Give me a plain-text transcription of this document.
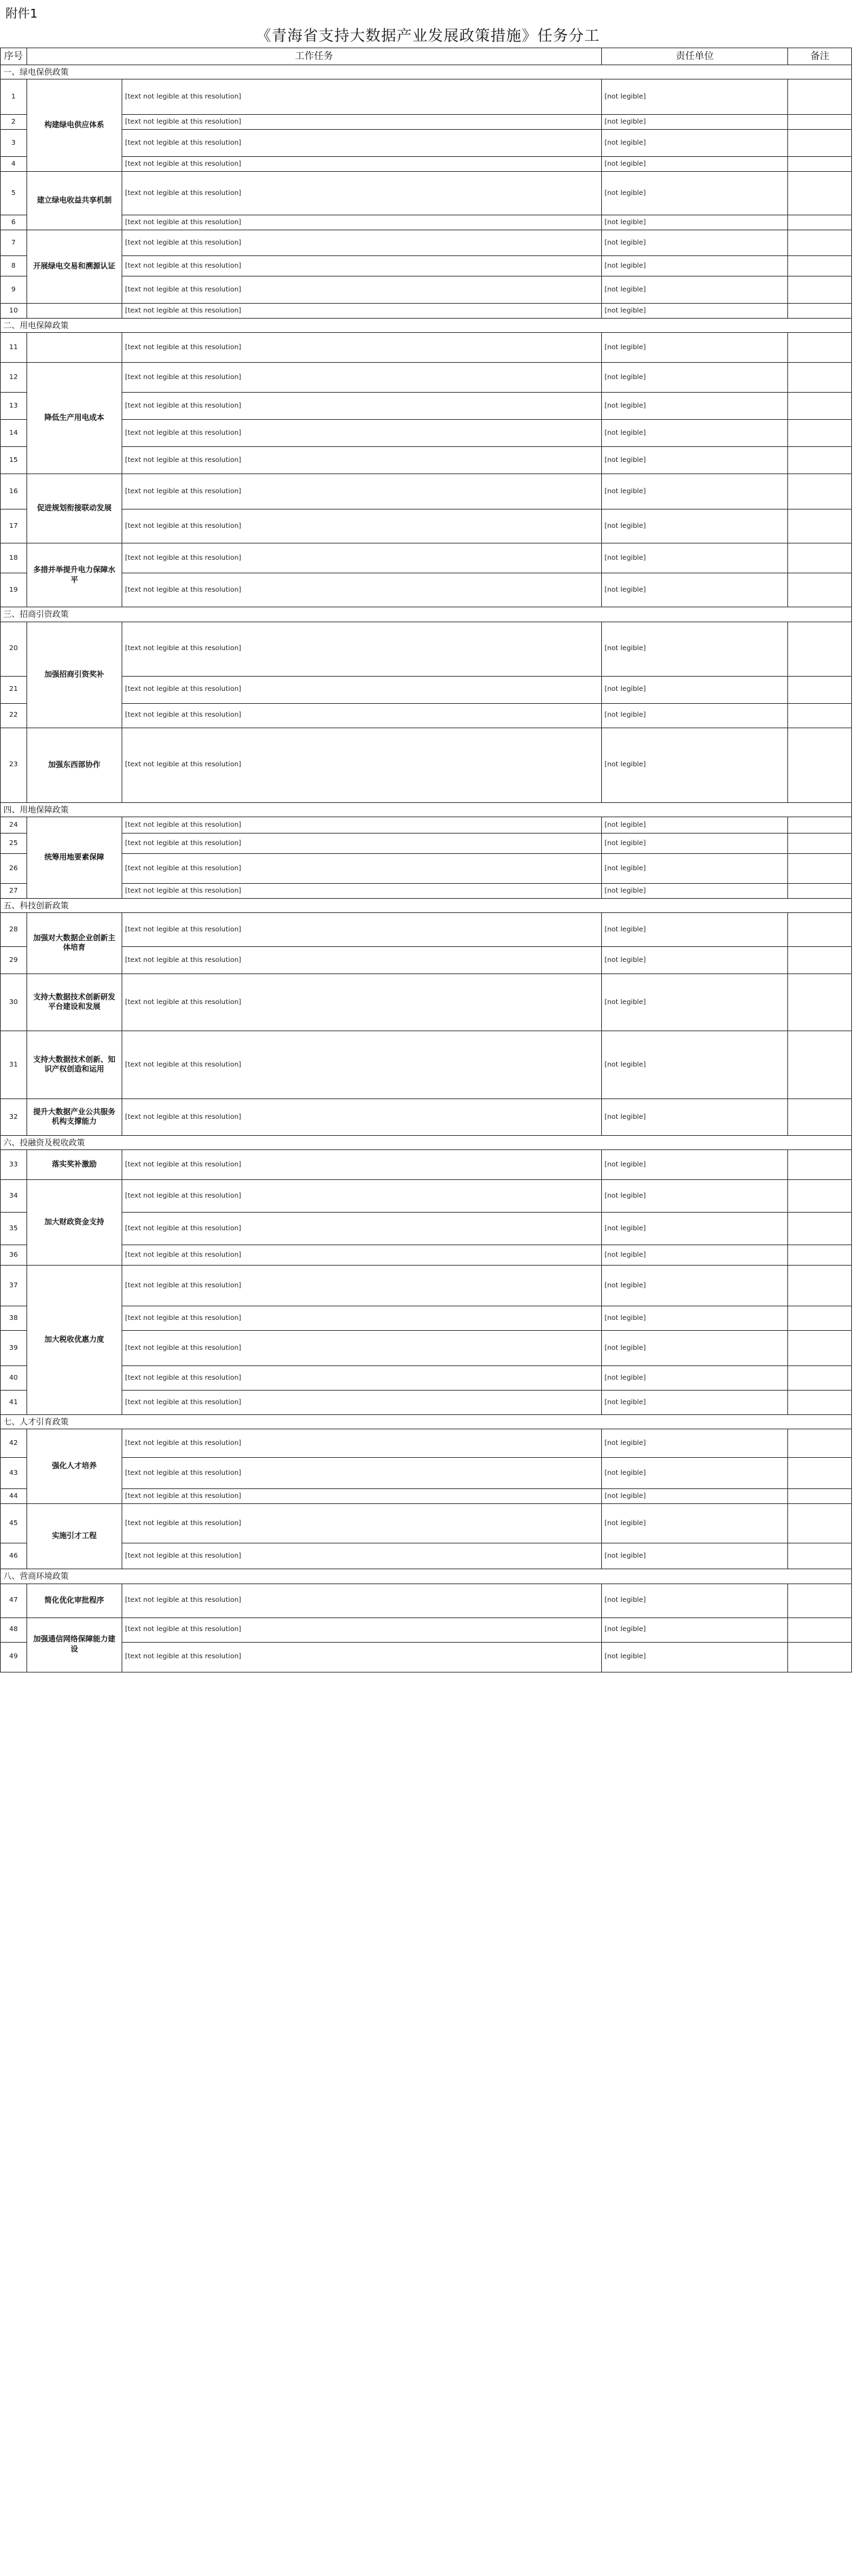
附件1
《青海省支持大数据产业发展政策措施》任务分工
序号	工作任务		责任单位	备注
一、绿电保供政策				
1	构建绿电供应体系	[text not legible at this resolution]	[not legible]	
2		[text not legible at this resolution]	[not legible]	
3		[text not legible at this resolution]	[not legible]	
4		[text not legible at this resolution]	[not legible]	
5	建立绿电收益共享机制	[text not legible at this resolution]	[not legible]	
6		[text not legible at this resolution]	[not legible]	
7	开展绿电交易和溯源认证	[text not legible at this resolution]	[not legible]	
8		[text not legible at this resolution]	[not legible]	
9		[text not legible at this resolution]	[not legible]	
10		[text not legible at this resolution]	[not legible]	
二、用电保障政策				
11		[text not legible at this resolution]	[not legible]	
12	降低生产用电成本	[text not legible at this resolution]	[not legible]	
13		[text not legible at this resolution]	[not legible]	
14		[text not legible at this resolution]	[not legible]	
15		[text not legible at this resolution]	[not legible]	
16	促进规划衔接联动发展	[text not legible at this resolution]	[not legible]	
17		[text not legible at this resolution]	[not legible]	
18	多措并举提升电力保障水平	[text not legible at this resolution]	[not legible]	
19		[text not legible at this resolution]	[not legible]	
三、招商引资政策				
20	加强招商引资奖补	[text not legible at this resolution]	[not legible]	
21		[text not legible at this resolution]	[not legible]	
22		[text not legible at this resolution]	[not legible]	
23	加强东西部协作	[text not legible at this resolution]	[not legible]	
四、用地保障政策				
24	统筹用地要素保障	[text not legible at this resolution]	[not legible]	
25		[text not legible at this resolution]	[not legible]	
26		[text not legible at this resolution]	[not legible]	
27		[text not legible at this resolution]	[not legible]	
五、科技创新政策				
28	加强对大数据企业创新主体培育	[text not legible at this resolution]	[not legible]	
29		[text not legible at this resolution]	[not legible]	
30	支持大数据技术创新研发平台建设和发展	[text not legible at this resolution]	[not legible]	
31	支持大数据技术创新、知识产权创造和运用	[text not legible at this resolution]	[not legible]	
32	提升大数据产业公共服务机构支撑能力	[text not legible at this resolution]	[not legible]	
六、投融资及税收政策				
33	落实奖补激励	[text not legible at this resolution]	[not legible]	
34	加大财政资金支持	[text not legible at this resolution]	[not legible]	
35		[text not legible at this resolution]	[not legible]	
36		[text not legible at this resolution]	[not legible]	
37	加大税收优惠力度	[text not legible at this resolution]	[not legible]	
38		[text not legible at this resolution]	[not legible]	
39		[text not legible at this resolution]	[not legible]	
40		[text not legible at this resolution]	[not legible]	
41		[text not legible at this resolution]	[not legible]	
七、人才引育政策				
42	强化人才培养	[text not legible at this resolution]	[not legible]	
43		[text not legible at this resolution]	[not legible]	
44		[text not legible at this resolution]	[not legible]	
45	实施引才工程	[text not legible at this resolution]	[not legible]	
46		[text not legible at this resolution]	[not legible]	
八、营商环境政策				
47	简化优化审批程序	[text not legible at this resolution]	[not legible]	
48	加强通信网络保障能力建设	[text not legible at this resolution]	[not legible]	
49		[text not legible at this resolution]	[not legible]	
